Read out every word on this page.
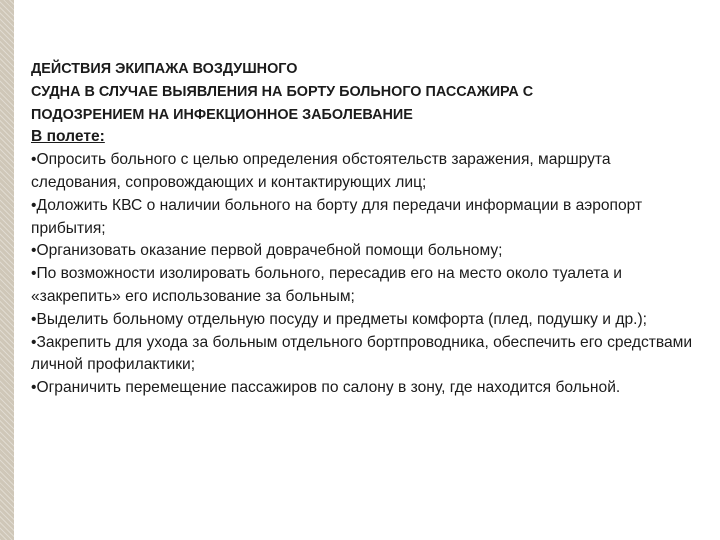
ДЕЙСТВИЯ ЭКИПАЖА ВОЗДУШНОГО

СУДНА В СЛУЧАЕ ВЫЯВЛЕНИЯ НА БОРТУ БОЛЬНОГО ПАССАЖИРА С

ПОДОЗРЕНИЕМ НА ИНФЕКЦИОННОЕ ЗАБОЛЕВАНИЕ

В полете:

•Опросить больного с целью определения обстоятельств заражения, маршрута следования, сопровождающих и контактирующих лиц;

•Доложить КВС о наличии больного на борту для передачи информации в аэропорт прибытия;

•Организовать оказание первой доврачебной помощи больному;

•По возможности изолировать больного, пересадив его на место около туалета и «закрепить» его использование за больным;

•Выделить больному отдельную посуду и предметы комфорта (плед, подушку и др.);

•Закрепить для ухода за больным отдельного бортпроводника, обеспечить его средствами личной профилактики;

•Ограничить перемещение пассажиров по салону в зону, где находится больной.
